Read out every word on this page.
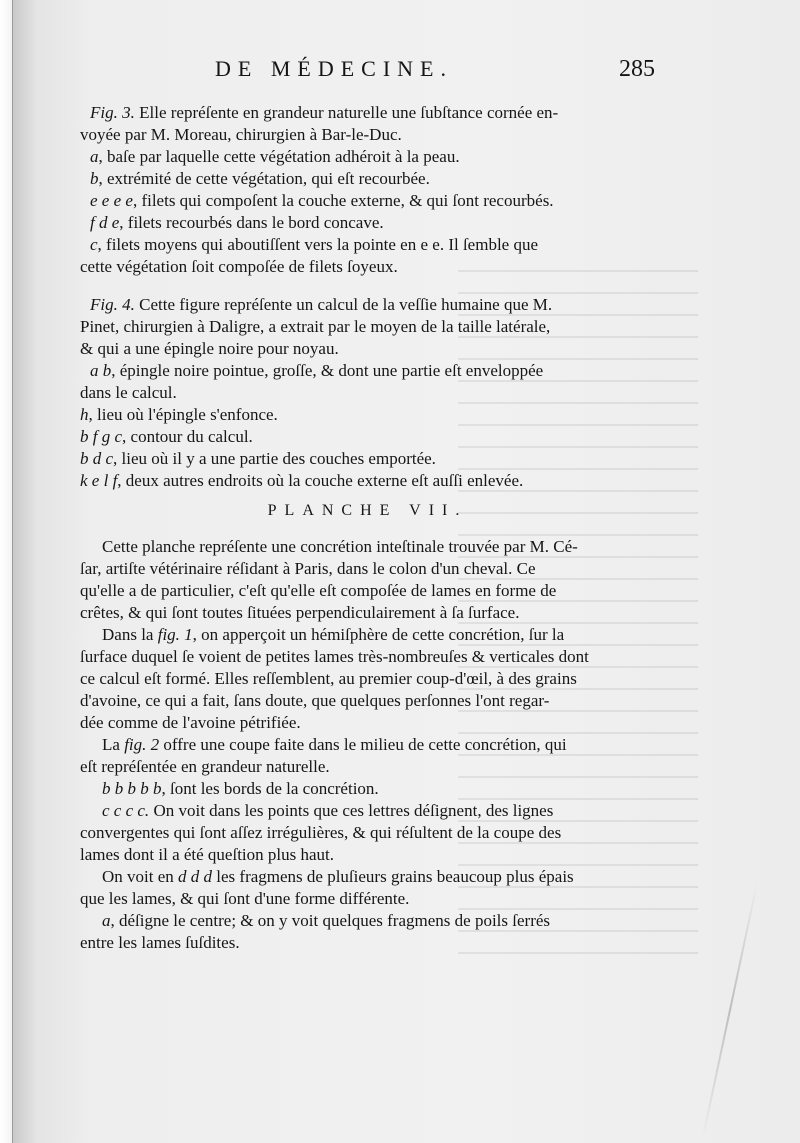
DE MÉDECINE.	285
Fig. 3. Elle repréſente en grandeur naturelle une ſubſtance cornée en-
voyée par M. Moreau, chirurgien à Bar-le-Duc.
a, baſe par laquelle cette végétation adhéroit à la peau.
b, extrémité de cette végétation, qui eſt recourbée.
e e e e, filets qui compoſent la couche externe, & qui ſont recourbés.
f d e, filets recourbés dans le bord concave.
c, filets moyens qui aboutiſſent vers la pointe en e e. Il ſemble que
cette végétation ſoit compoſée de filets ſoyeux.
Fig. 4. Cette figure repréſente un calcul de la veſſie humaine que M.
Pinet, chirurgien à Daligre, a extrait par le moyen de la taille latérale,
& qui a une épingle noire pour noyau.
a b, épingle noire pointue, groſſe, & dont une partie eſt enveloppée
dans le calcul.
h, lieu où l'épingle s'enfonce.
b f g c, contour du calcul.
b d c, lieu où il y a une partie des couches emportée.
k e l f, deux autres endroits où la couche externe eſt auſſi enlevée.
PLANCHE VII.
Cette planche repréſente une concrétion inteſtinale trouvée par M. Cé-
ſar, artiſte vétérinaire réſidant à Paris, dans le colon d'un cheval. Ce
qu'elle a de particulier, c'eſt qu'elle eſt compoſée de lames en forme de
crêtes, & qui ſont toutes ſituées perpendiculairement à ſa ſurface.
Dans la fig. 1, on apperçoit un hémiſphère de cette concrétion, ſur la
ſurface duquel ſe voient de petites lames très-nombreuſes & verticales dont
ce calcul eſt formé. Elles reſſemblent, au premier coup-d'œil, à des grains
d'avoine, ce qui a fait, ſans doute, que quelques perſonnes l'ont regar-
dée comme de l'avoine pétrifiée.
La fig. 2 offre une coupe faite dans le milieu de cette concrétion, qui
eſt repréſentée en grandeur naturelle.
b b b b b, ſont les bords de la concrétion.
c c c c. On voit dans les points que ces lettres déſignent, des lignes
convergentes qui ſont aſſez irrégulières, & qui réſultent de la coupe des
lames dont il a été queſtion plus haut.
On voit en d d d les fragmens de pluſieurs grains beaucoup plus épais
que les lames, & qui ſont d'une forme différente.
a, déſigne le centre; & on y voit quelques fragmens de poils ſerrés
entre les lames ſuſdites.
